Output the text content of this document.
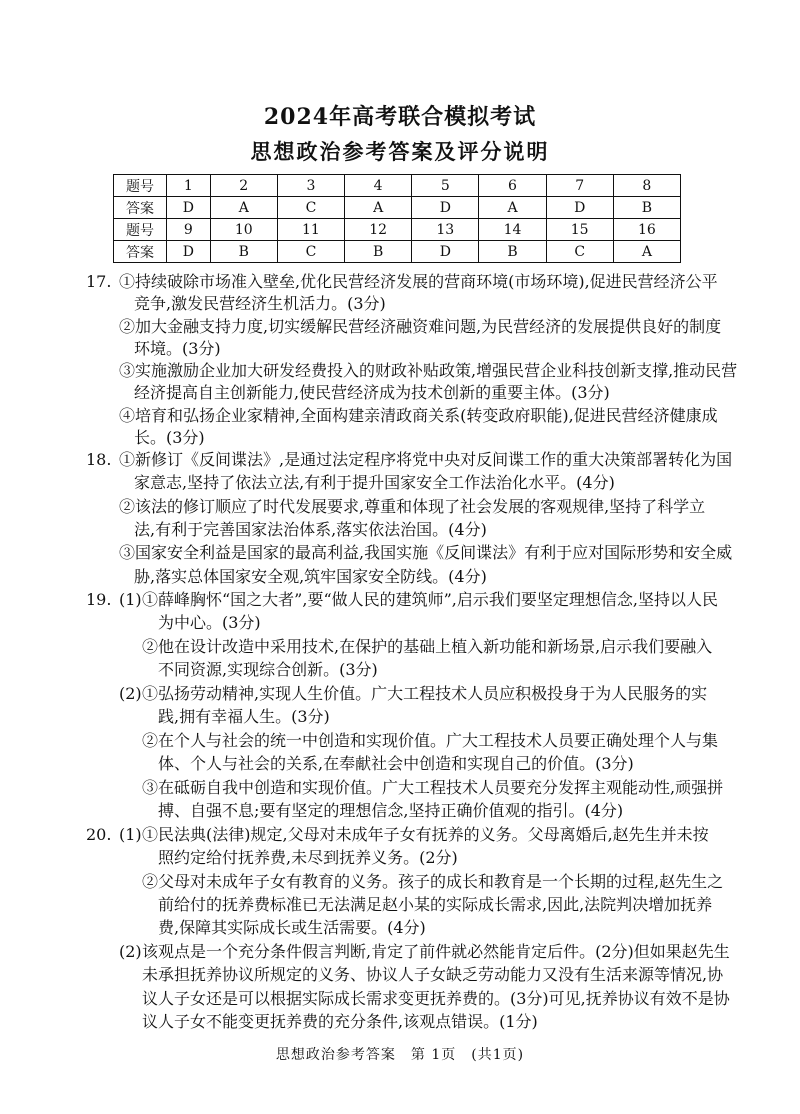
2024年高考联合模拟考试
思想政治参考答案及评分说明
题号	1	2	3	4	5	6	7	8
答案	D	A	C	A	D	A	D	B
题号	9	10	11	12	13	14	15	16
答案	D	B	C	B	D	B	C	A
17. ①持续破除市场准入壁垒,优化民营经济发展的营商环境(市场环境),促进民营经济公平
竞争,激发民营经济生机活力。(3分)
②加大金融支持力度,切实缓解民营经济融资难问题,为民营经济的发展提供良好的制度
环境。(3分)
③实施激励企业加大研发经费投入的财政补贴政策,增强民营企业科技创新支撑,推动民营
经济提高自主创新能力,使民营经济成为技术创新的重要主体。(3分)
④培育和弘扬企业家精神,全面构建亲清政商关系(转变政府职能),促进民营经济健康成
长。(3分)
18. ①新修订《反间谍法》,是通过法定程序将党中央对反间谍工作的重大决策部署转化为国
家意志,坚持了依法立法,有利于提升国家安全工作法治化水平。(4分)
②该法的修订顺应了时代发展要求,尊重和体现了社会发展的客观规律,坚持了科学立
法,有利于完善国家法治体系,落实依法治国。(4分)
③国家安全利益是国家的最高利益,我国实施《反间谍法》有利于应对国际形势和安全威
胁,落实总体国家安全观,筑牢国家安全防线。(4分)
19. (1) ①薛峰胸怀“国之大者”,要“做人民的建筑师”,启示我们要坚定理想信念,坚持以人民
为中心。(3分)
②他在设计改造中采用技术,在保护的基础上植入新功能和新场景,启示我们要融入
不同资源,实现综合创新。(3分)
(2) ①弘扬劳动精神,实现人生价值。广大工程技术人员应积极投身于为人民服务的实
践,拥有幸福人生。(3分)
②在个人与社会的统一中创造和实现价值。广大工程技术人员要正确处理个人与集
体、个人与社会的关系,在奉献社会中创造和实现自己的价值。(3分)
③在砥砺自我中创造和实现价值。广大工程技术人员要充分发挥主观能动性,顽强拼
搏、自强不息;要有坚定的理想信念,坚持正确价值观的指引。(4分)
20. (1) ①民法典(法律)规定,父母对未成年子女有抚养的义务。父母离婚后,赵先生并未按
照约定给付抚养费,未尽到抚养义务。(2分)
②父母对未成年子女有教育的义务。孩子的成长和教育是一个长期的过程,赵先生之
前给付的抚养费标准已无法满足赵小某的实际成长需求,因此,法院判决增加抚养
费,保障其实际成长或生活需要。(4分)
(2) 该观点是一个充分条件假言判断,肯定了前件就必然能肯定后件。(2分)但如果赵先生
未承担抚养协议所规定的义务、协议人子女缺乏劳动能力又没有生活来源等情况,协
议人子女还是可以根据实际成长需求变更抚养费的。(3分)可见,抚养协议有效不是协
议人子女不能变更抚养费的充分条件,该观点错误。(1分)
思想政治参考答案　第 1页　(共1页)
